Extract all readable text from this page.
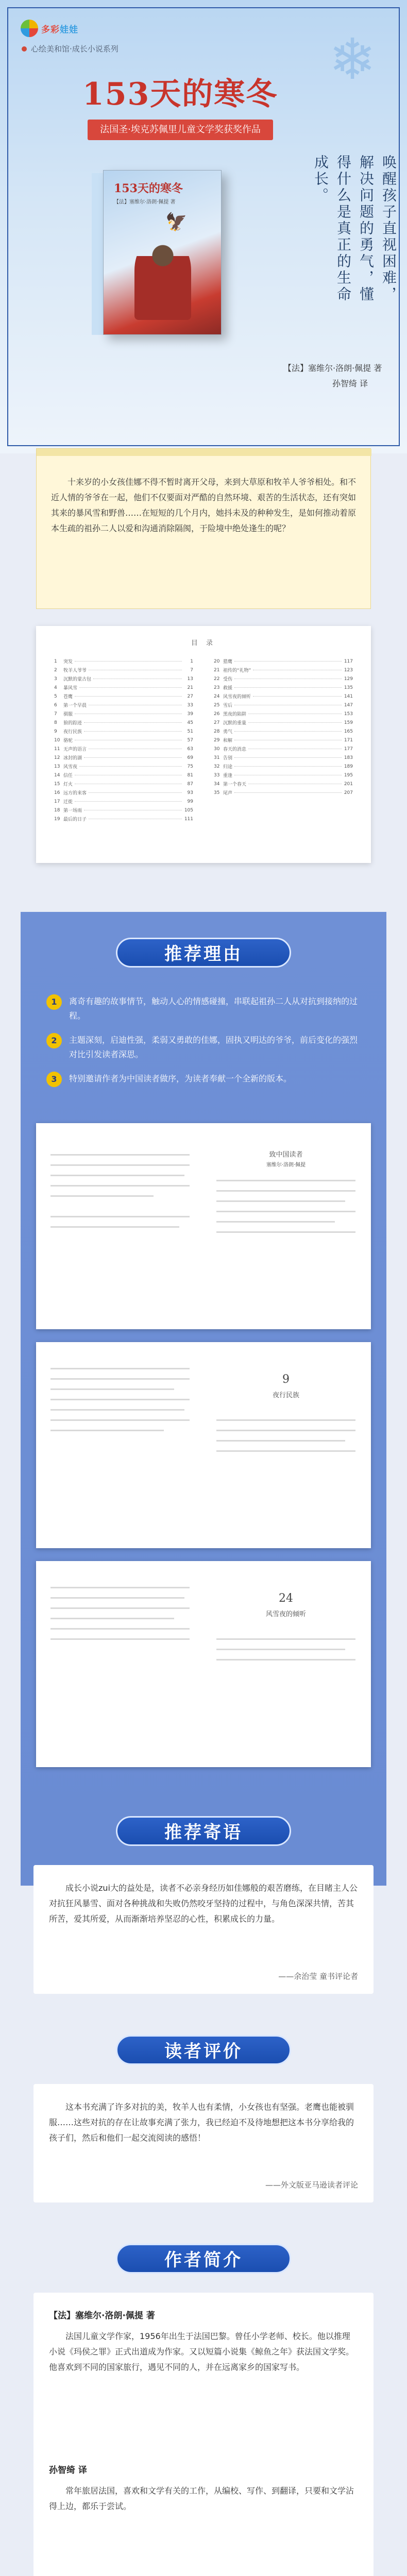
多彩娃娃
心绘美和馆·成长小说系列	❄
153天的寒冬
法国圣·埃克苏佩里儿童文学奖获奖作品
153天的寒冬
【法】塞维尔·洛朗·佩提 著
🦅	唤醒孩子直视困难，解决问题的勇气，懂得什么是真正的生命成长。
【法】塞维尔·洛朗·佩提 著
孙智绮 译

十来岁的小女孩佳娜不得不暂时离开父母，来到大草原和牧羊人爷爷相处。和不近人情的爷爷在一起，他们不仅要面对严酷的自然环境、艰苦的生活状态，还有突如其来的暴风雪和野兽……在短短的几个月内，她抖未及的种种发生，是如何推动着原本生疏的祖孙二人以爱和沟通消除隔阂，于险境中绝处逢生的呢？

目 录
1	突发	1
2	牧羊人爷爷	7
3	沉默的蒙古包	13
4	暴风雪	21
5	苍鹰	27
6	第一个早晨	33
7	驯服	39
8	狼的踪迹	45
9	夜行民族	51
10 骆驼	57
11 无声的语言	63
12 冰封的湖	69
13 风雪夜	75
14 信任	81
15 灯火	87
16 远方的来客	93
17 迁徙	99
18 第一场雨	105
19 最后的日子	111
20 猎鹰	117
21 祖传的“礼物”	123
22 受伤	129
23 救援	135
24 风雪夜的倾听	141
25 雪后	147
26 黑夜的陷阱	153
27 沉默的重量	159
28 勇气	165
29 和解	171
30 春天的消息	177
31 告别	183
32 归途	189
33 重逢	195
34 第一个春天	201
35 尾声	207
推荐理由
1	离奇有趣的故事情节，触动人心的情感碰撞，串联起祖孙二人从对抗到接纳的过程。

2	主题深刻，启迪性强，柔弱又勇敢的佳娜，固执又明达的爷爷，前后变化的强烈对比引发读者深思。

3	特别邀请作者为中国读者做序，为读者奉献一个全新的版本。

致中国读者
塞维尔·洛朗·佩提
9
夜行民族
24
风雪夜的倾听
推荐寄语

成长小说zui大的益处是，读者不必亲身经历如佳娜般的艰苦磨练，在目睹主人公对抗狂风暴雪、面对各种挑战和失败仍然咬牙坚持的过程中，与角色深深共情，苦其所苦，爱其所爱，从而渐渐培养坚忍的心性，积累成长的力量。

——余治莹 童书评论者
读者评价

这本书充满了许多对抗的美，牧羊人也有柔情，小女孩也有坚强。老鹰也能被驯服……这些对抗的存在让故事充满了张力，我已经迫不及待地想把这本书分享给我的孩子们，然后和他们一起交流阅读的感悟！

——外文版亚马逊读者评论
作者简介
【法】塞维尔·洛朗·佩提 著

法国儿童文学作家，1956年出生于法国巴黎。曾任小学老师、校长。他以推理小说《玛侯之罪》正式出道成为作家。又以短篇小说集《鲸鱼之年》获法国文学奖。他喜欢到不同的国家旅行，遇见不同的人，并在远离家乡的国家写书。

孙智绮 译

常年旅居法国，喜欢和文学有关的工作，从编校、写作、到翻译，只要和文学沾得上边，都乐于尝试。
